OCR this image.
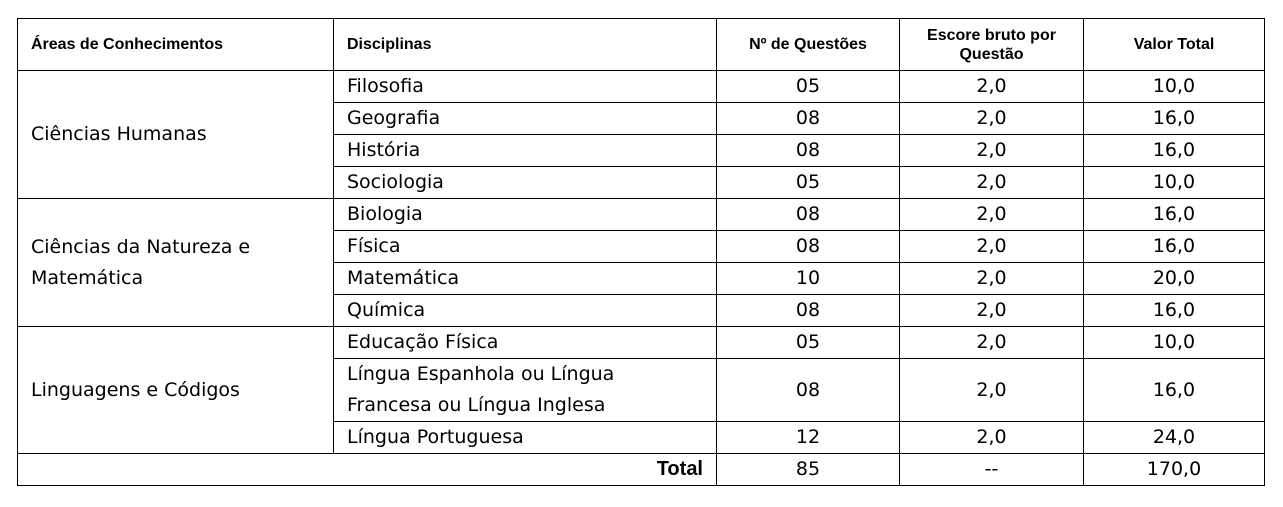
Áreas de Conhecimentos	Disciplinas	Nº de Questões	Escore bruto por
Questão	Valor Total

Ciências Humanas	Filosofia	05	2,0	10,0

	Geografia	08	2,0	16,0

	História	08	2,0	16,0

	Sociologia	05	2,0	10,0

Ciências da Natureza e
Matemática	Biologia	08	2,0	16,0

	Física	08	2,0	16,0

	Matemática	10	2,0	20,0

	Química	08	2,0	16,0

Linguagens e Códigos	Educação Física	05	2,0	10,0

	Língua Espanhola ou Língua
Francesa ou Língua Inglesa	08	2,0	16,0

	Língua Portuguesa	12	2,0	24,0
Total		85	--	170,0
